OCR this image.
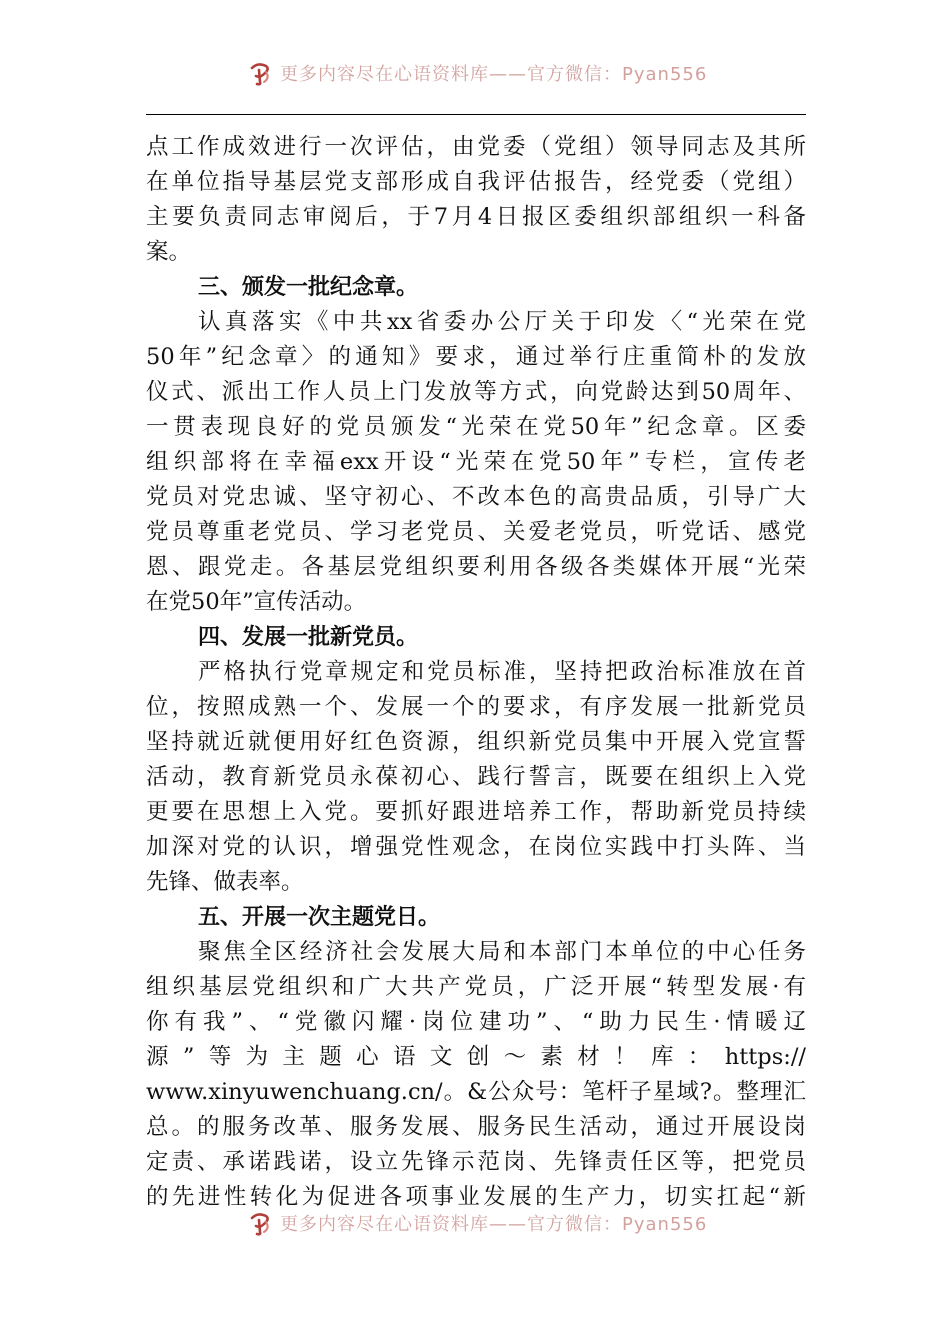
更多内容尽在心语资料库——官方微信：Pyan556
点工作成效进行一次评估，由党委（党组）领导同志及其所
在单位指导基层党支部形成自我评估报告，经党委（党组）
主要负责同志审阅后，于7月4日报区委组织部组织一科备
案。
三、颁发一批纪念章。
认真落实《中共xx省委办公厅关于印发〈“光荣在党
50年”纪念章〉的通知》要求，通过举行庄重简朴的发放
仪式、派出工作人员上门发放等方式，向党龄达到50周年、
一贯表现良好的党员颁发“光荣在党50年”纪念章。区委
组织部将在幸福exx开设“光荣在党50年”专栏，宣传老
党员对党忠诚、坚守初心、不改本色的高贵品质，引导广大
党员尊重老党员、学习老党员、关爱老党员，听党话、感党
恩、跟党走。各基层党组织要利用各级各类媒体开展“光荣
在党50年”宣传活动。
四、发展一批新党员。
严格执行党章规定和党员标准，坚持把政治标准放在首
位，按照成熟一个、发展一个的要求，有序发展一批新党员
坚持就近就便用好红色资源，组织新党员集中开展入党宣誓
活动，教育新党员永葆初心、践行誓言，既要在组织上入党
更要在思想上入党。要抓好跟进培养工作，帮助新党员持续
加深对党的认识，增强党性观念，在岗位实践中打头阵、当
先锋、做表率。
五、开展一次主题党日。
聚焦全区经济社会发展大局和本部门本单位的中心任务
组织基层党组织和广大共产党员，广泛开展“转型发展·有
你有我”、“党徽闪耀·岗位建功”、“助力民生·情暖辽
源”等为主题心语文创～素材！库：https://
www.xinyuwenchuang.cn/。&公众号：笔杆子星域?。整理汇
总。的服务改革、服务发展、服务民生活动，通过开展设岗
定责、承诺践诺，设立先锋示范岗、先锋责任区等，把党员
的先进性转化为促进各项事业发展的生产力，切实扛起“新
更多内容尽在心语资料库——官方微信：Pyan556
